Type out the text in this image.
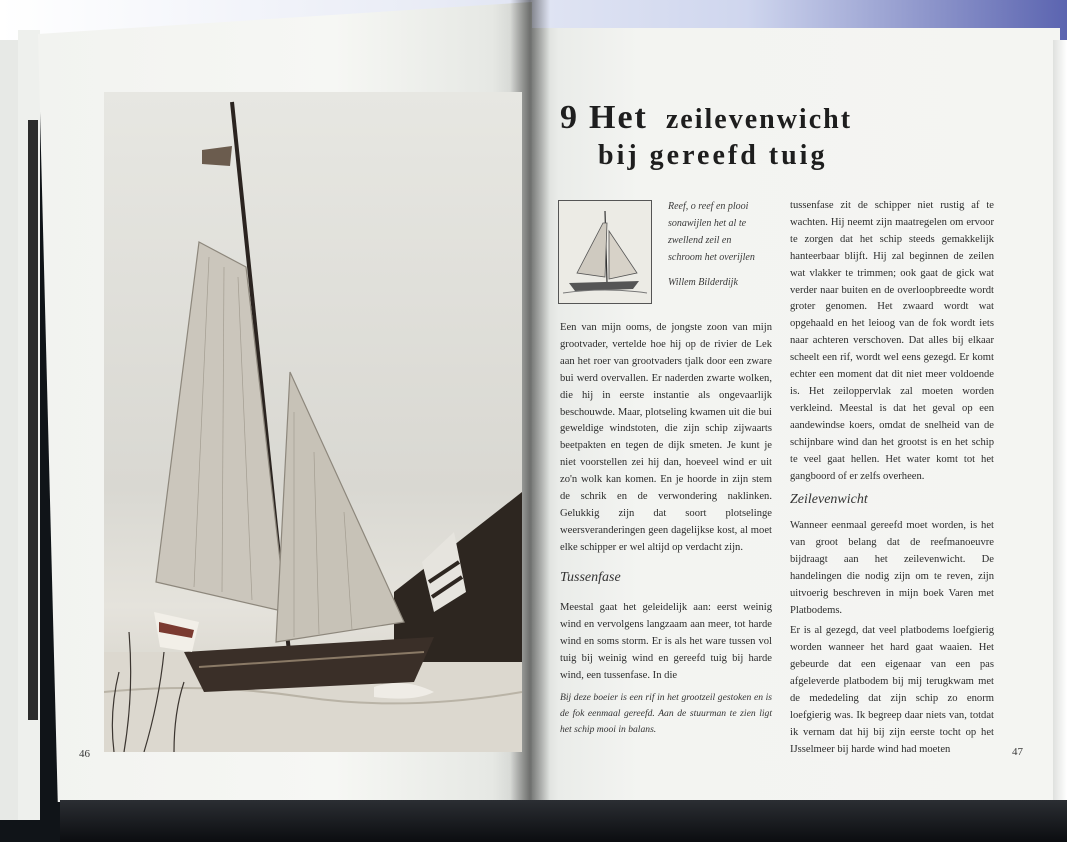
46
9 Het zeilevenwicht
bij gereefd tuig
Reef, o reef en plooi
sonawijlen het al te
zwellend zeil en
schroom het overijlen
Willem Bilderdijk

Een van mijn ooms, de jongste zoon van mijn grootvader, vertelde hoe hij op de rivier de Lek aan het roer van grootvaders tjalk door een zware bui werd overvallen. Er naderden zwarte wolken, die hij in eerste instantie als ongevaarlijk beschouwde. Maar, plotseling kwamen uit die bui geweldige windstoten, die zijn schip zijwaarts beetpakten en tegen de dijk smeten. Je kunt je niet voorstellen zei hij dan, hoeveel wind er uit zo'n wolk kan komen. En je hoorde in zijn stem de schrik en de verwondering naklinken. Gelukkig zijn dat soort plotselinge weersveranderingen geen dagelijkse kost, al moet elke schipper er wel altijd op verdacht zijn.

Tussenfase

Meestal gaat het geleidelijk aan: eerst weinig wind en vervolgens langzaam aan meer, tot harde wind en soms storm. Er is als het ware tussen vol tuig bij weinig wind en gereefd tuig bij harde wind, een tussenfase. In die

Bij deze boeier is een rif in het grootzeil gestoken en is de fok eenmaal gereefd. Aan de stuurman te zien ligt het schip mooi in balans.

tussenfase zit de schipper niet rustig af te wachten. Hij neemt zijn maatregelen om ervoor te zorgen dat het schip steeds gemakkelijk hanteerbaar blijft. Hij zal beginnen de zeilen wat vlakker te trimmen; ook gaat de gick wat verder naar buiten en de overloopbreedte wordt groter genomen. Het zwaard wordt wat opgehaald en het leioog van de fok wordt iets naar achteren verschoven. Dat alles bij elkaar scheelt een rif, wordt wel eens gezegd. Er komt echter een moment dat dit niet meer voldoende is. Het zeiloppervlak zal moeten worden verkleind. Meestal is dat het geval op een aandewindse koers, omdat de snelheid van de schijnbare wind dan het grootst is en het schip te veel gaat hellen. Het water komt tot het gangboord of er zelfs overheen.

Zeilevenwicht

Wanneer eenmaal gereefd moet worden, is het van groot belang dat de reefmanoeuvre bijdraagt aan het zeilevenwicht. De handelingen die nodig zijn om te reven, zijn uitvoerig beschreven in mijn boek Varen met Platbodems.

Er is al gezegd, dat veel platbodems loefgierig worden wanneer het hard gaat waaien. Het gebeurde dat een eigenaar van een pas afgeleverde platbodem bij mij terugkwam met de mededeling dat zijn schip zo enorm loefgierig was. Ik begreep daar niets van, totdat ik vernam dat hij bij zijn eerste tocht op het IJsselmeer bij harde wind had moeten	47
